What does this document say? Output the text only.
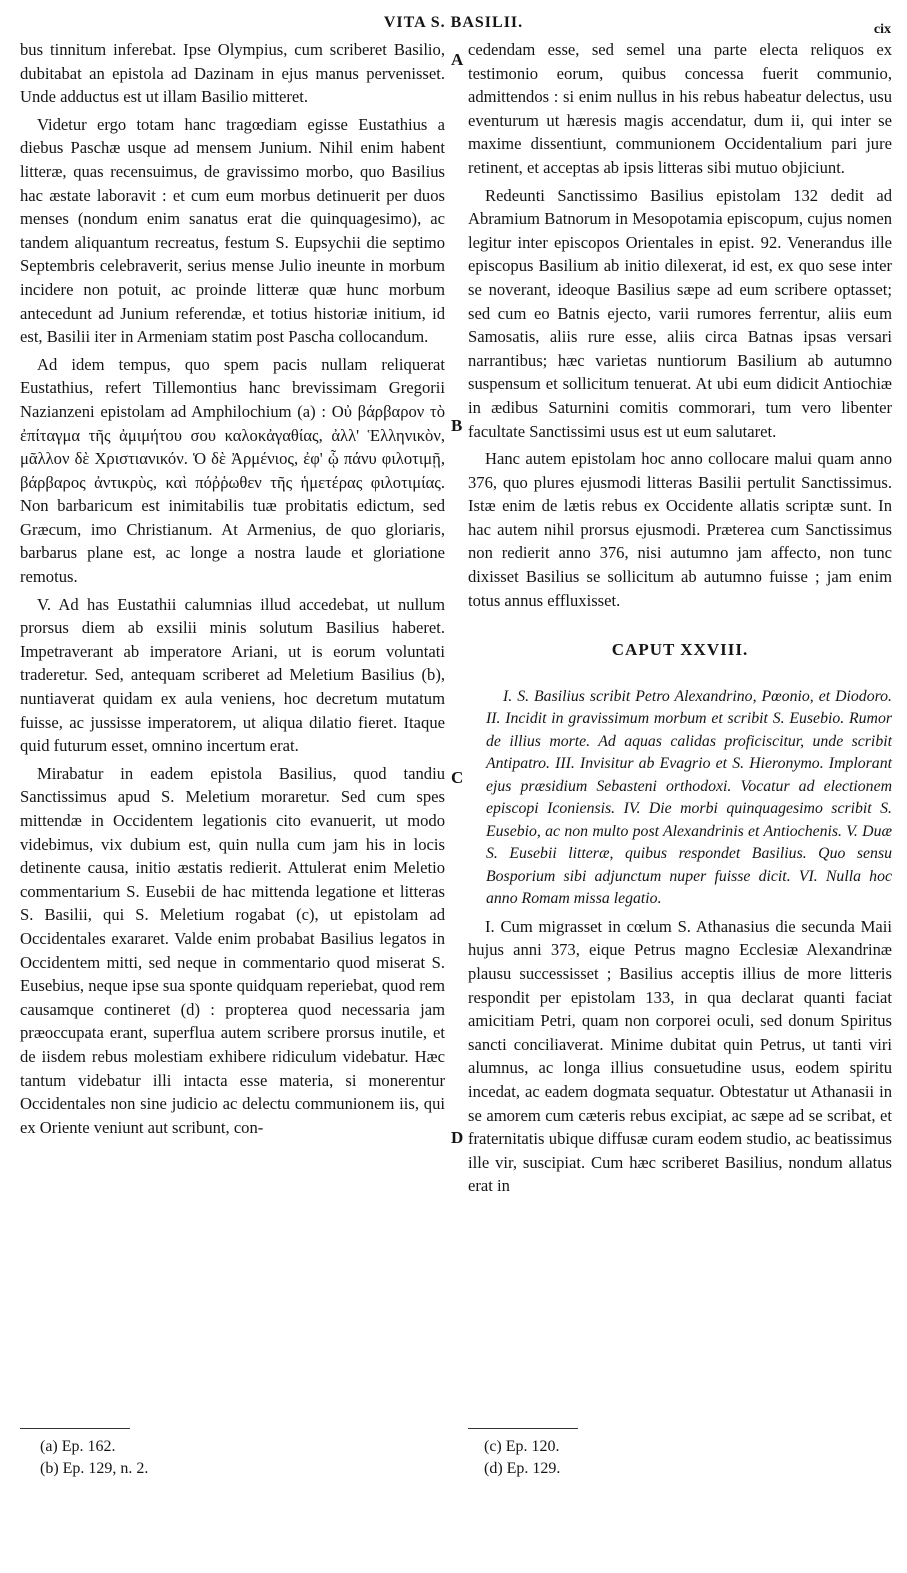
VITA S. BASILII.	cix

bus tinnitum inferebat. Ipse Olympius, cum scriberet Basilio, dubitabat an epistola ad Dazinam in ejus manus pervenisset. Unde adductus est ut illam Basilio mitteret.

Videtur ergo totam hanc tragœdiam egisse Eustathius a diebus Paschæ usque ad mensem Junium. Nihil enim habent litteræ, quas recensuimus, de gravissimo morbo, quo Basilius hac æstate laboravit : et cum eum morbus detinuerit per duos menses (nondum enim sanatus erat die quinquagesimo), ac tandem aliquantum recreatus, festum S. Eupsychii die septimo Septembris celebraverit, serius mense Julio ineunte in morbum incidere non potuit, ac proinde litteræ quæ hunc morbum antecedunt ad Junium referendæ, et totius historiæ initium, id est, Basilii iter in Armeniam statim post Pascha collocandum.

Ad idem tempus, quo spem pacis nullam reliquerat Eustathius, refert Tillemontius hanc brevissimam Gregorii Nazianzeni epistolam ad Amphilochium (a) : Οὐ βάρβαρον τὸ ἐπίταγμα τῆς ἀμιμήτου σου καλοκἀγαθίας, ἀλλ' Ἑλληνικὸν, μᾶλλον δὲ Χριστιανικόν. Ὁ δὲ Ἀρμένιος, ἐφ' ᾧ πάνυ φιλοτιμῇ, βάρβαρος ἀντικρὺς, καὶ πόῤῥωθεν τῆς ἡμετέρας φιλοτιμίας. Non barbaricum est inimitabilis tuæ probitatis edictum, sed Græcum, imo Christianum. At Armenius, de quo gloriaris, barbarus plane est, ac longe a nostra laude et gloriatione remotus.

V. Ad has Eustathii calumnias illud accedebat, ut nullum prorsus diem ab exsilii minis solutum Basilius haberet. Impetraverant ab imperatore Ariani, ut is eorum voluntati traderetur. Sed, antequam scriberet ad Meletium Basilius (b), nuntiaverat quidam ex aula veniens, hoc decretum mutatum fuisse, ac jussisse imperatorem, ut aliqua dilatio fieret. Itaque quid futurum esset, omnino incertum erat.

Mirabatur in eadem epistola Basilius, quod tandiu Sanctissimus apud S. Meletium moraretur. Sed cum spes mittendæ in Occidentem legationis cito evanuerit, ut modo videbimus, vix dubium est, quin nulla cum jam his in locis detinente causa, initio æstatis redierit. Attulerat enim Meletio commentarium S. Eusebii de hac mittenda legatione et litteras S. Basilii, qui S. Meletium rogabat (c), ut epistolam ad Occidentales exararet. Valde enim probabat Basilius legatos in Occidentem mitti, sed neque in commentario quod miserat S. Eusebius, neque ipse sua sponte quidquam reperiebat, quod rem causamque contineret (d) : propterea quod necessaria jam præoccupata erant, superflua autem scribere prorsus inutile, et de iisdem rebus molestiam exhibere ridiculum videbatur. Hæc tantum videbatur illi intacta esse materia, si monerentur Occidentales non sine judicio ac delectu communionem iis, qui ex Oriente veniunt aut scribunt, con-

A
B
C
D

cedendam esse, sed semel una parte electa reliquos ex testimonio eorum, quibus concessa fuerit communio, admittendos : si enim nullus in his rebus habeatur delectus, usu eventurum ut hæresis magis accendatur, dum ii, qui inter se maxime dissentiunt, communionem Occidentalium pari jure retinent, et acceptas ab ipsis litteras sibi mutuo objiciunt.

Redeunti Sanctissimo Basilius epistolam 132 dedit ad Abramium Batnorum in Mesopotamia episcopum, cujus nomen legitur inter episcopos Orientales in epist. 92. Venerandus ille episcopus Basilium ab initio dilexerat, id est, ex quo sese inter se noverant, ideoque Basilius sæpe ad eum scribere optasset; sed cum eo Batnis ejecto, varii rumores ferrentur, aliis eum Samosatis, aliis rure esse, aliis circa Batnas ipsas versari narrantibus; hæc varietas nuntiorum Basilium ab autumno suspensum et sollicitum tenuerat. At ubi eum didicit Antiochiæ in ædibus Saturnini comitis commorari, tum vero libenter facultate Sanctissimi usus est ut eum salutaret.

Hanc autem epistolam hoc anno collocare malui quam anno 376, quo plures ejusmodi litteras Basilii pertulit Sanctissimus. Istæ enim de lætis rebus ex Occidente allatis scriptæ sunt. In hac autem nihil prorsus ejusmodi. Præterea cum Sanctissimus non redierit anno 376, nisi autumno jam affecto, non tunc dixisset Basilius se sollicitum ab autumno fuisse ; jam enim totus annus effluxisset.

CAPUT XXVIII.

I. S. Basilius scribit Petro Alexandrino, Pœonio, et Diodoro. II. Incidit in gravissimum morbum et scribit S. Eusebio. Rumor de illius morte. Ad aquas calidas proficiscitur, unde scribit Antipatro. III. Invisitur ab Evagrio et S. Hieronymo. Implorant ejus præsidium Sebasteni orthodoxi. Vocatur ad electionem episcopi Iconiensis. IV. Die morbi quinquagesimo scribit S. Eusebio, ac non multo post Alexandrinis et Antiochenis. V. Duæ S. Eusebii litteræ, quibus respondet Basilius. Quo sensu Bosporium sibi adjunctum nuper fuisse dicit. VI. Nulla hoc anno Romam missa legatio.

I. Cum migrasset in cœlum S. Athanasius die secunda Maii hujus anni 373, eique Petrus magno Ecclesiæ Alexandrinæ plausu successisset ; Basilius acceptis illius de more litteris respondit per epistolam 133, in qua declarat quanti faciat amicitiam Petri, quam non corporei oculi, sed donum Spiritus sancti conciliaverat. Minime dubitat quin Petrus, ut tanti viri alumnus, ac longa illius consuetudine usus, eodem spiritu incedat, ac eadem dogmata sequatur. Obtestatur ut Athanasii in se amorem cum cæteris rebus excipiat, ac sæpe ad se scribat, et fraternitatis ubique diffusæ curam eodem studio, ac beatissimus ille vir, suscipiat. Cum hæc scriberet Basilius, nondum allatus erat in

(a) Ep. 162.
(b) Ep. 129, n. 2.
(c) Ep. 120.
(d) Ep. 129.
